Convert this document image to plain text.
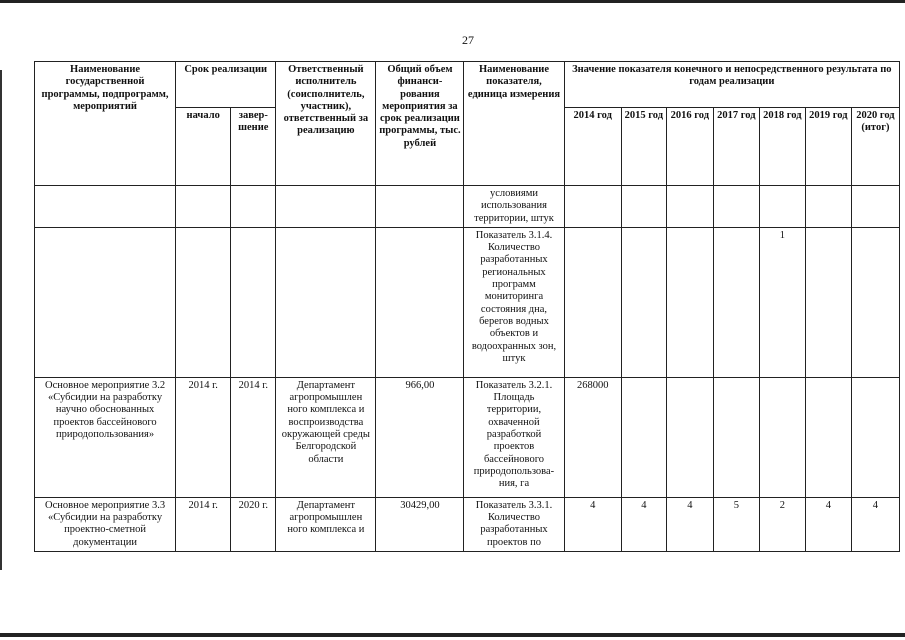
27
Наименование государственной программы, подпрограмм, мероприятий	Срок реализации		Ответственный исполнитель (соисполнитель, участник), ответственный за реализацию	Общий объем финанси-рования мероприятия за срок реализации программы, тыс. рублей	Наименование показателя, единица измерения	Значение показателя конечного и непосредственного результата по годам реализации						
	начало	завер-шение				2014 год	2015 год	2016 год	2017 год	2018 год	2019 год	2020 год (итог)
					условиями использования территории, штук							
					Показатель 3.1.4. Количество разработанных региональных программ мониторинга состояния дна, берегов водных объектов и водоохранных зон, штук					1		
Основное мероприятие 3.2 «Субсидии на разработку научно обоснованных проектов бассейнового природопользования»	2014 г.	2014 г.	Департамент агропромышлен ного комплекса и воспроизводства окружающей среды Белгородской области	966,00	Показатель 3.2.1. Площадь территории, охваченной разработкой проектов бассейнового природопользова-ния, га	268000						
Основное мероприятие 3.3 «Субсидии на разработку проектно-сметной документации	2014 г.	2020 г.	Департамент агропромышлен ного комплекса и	30429,00	Показатель 3.3.1. Количество разработанных проектов по	4	4	4	5	2	4	4
